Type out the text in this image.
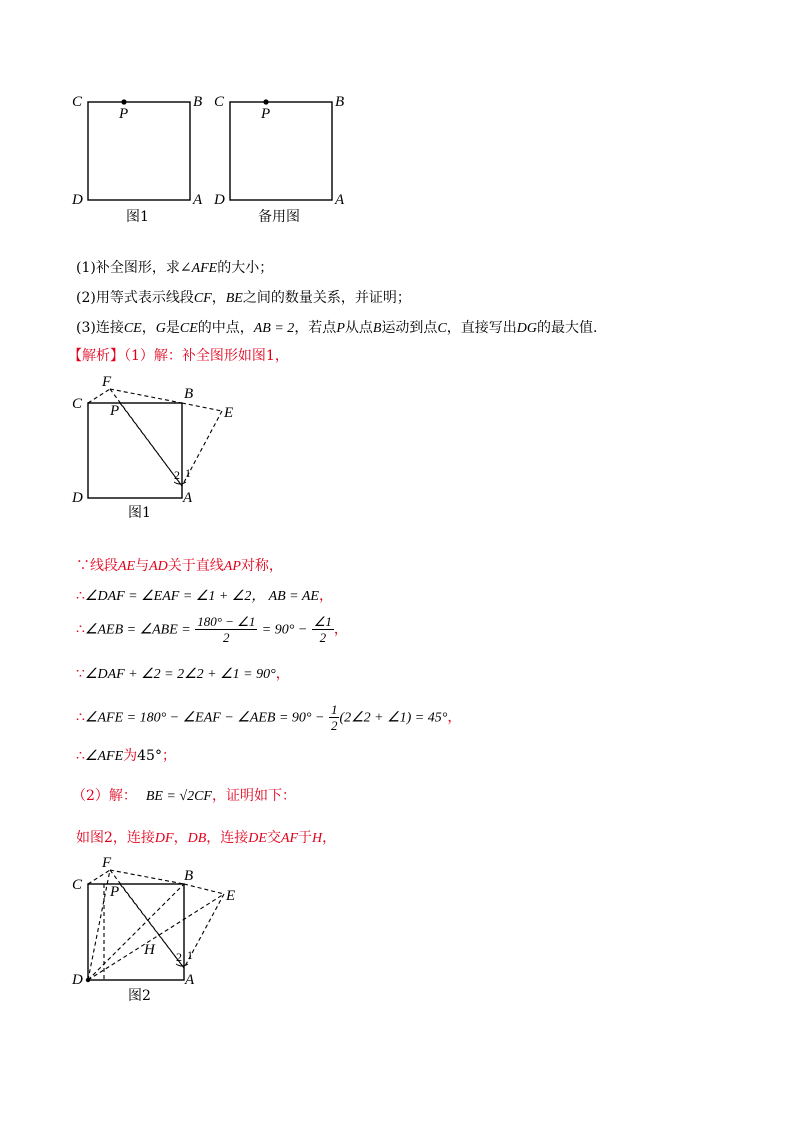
C	B
D	A
P
图1
C	B
D	A
P
备用图
(1)补全图形，求∠AFE的大小；
(2)用等式表示线段CF，BE之间的数量关系，并证明；
(3)连接CE，G是CE的中点，AB = 2，若点P从点B运动到点C，直接写出DG的最大值.
【解析】（1）解：补全图形如图1，
F
C
B
P	E
D	A
2 1
图1
∵线段AE与AD关于直线AP对称，
∴∠DAF = ∠EAF = ∠1 + ∠2， AB = AE，
∴∠AEB = ∠ABE = $\frac{180^\circ - \angle 1}{2} = 90^\circ - \frac{\angle 1}{2}$ ，
∵∠DAF + ∠2 = 2∠2 + ∠1 = 90°，
∴∠AFE = 180° − ∠EAF − ∠AEB = $90^\circ - \frac{1}{2}$ (2∠2 + ∠1) = 45°，
∴∠AFE为45°；
（2）解： BE = √2CF，证明如下：
如图2，连接DF，DB，连接DE交AF于H，
F
C
B
P	E
H
D	A
2 1
图2
